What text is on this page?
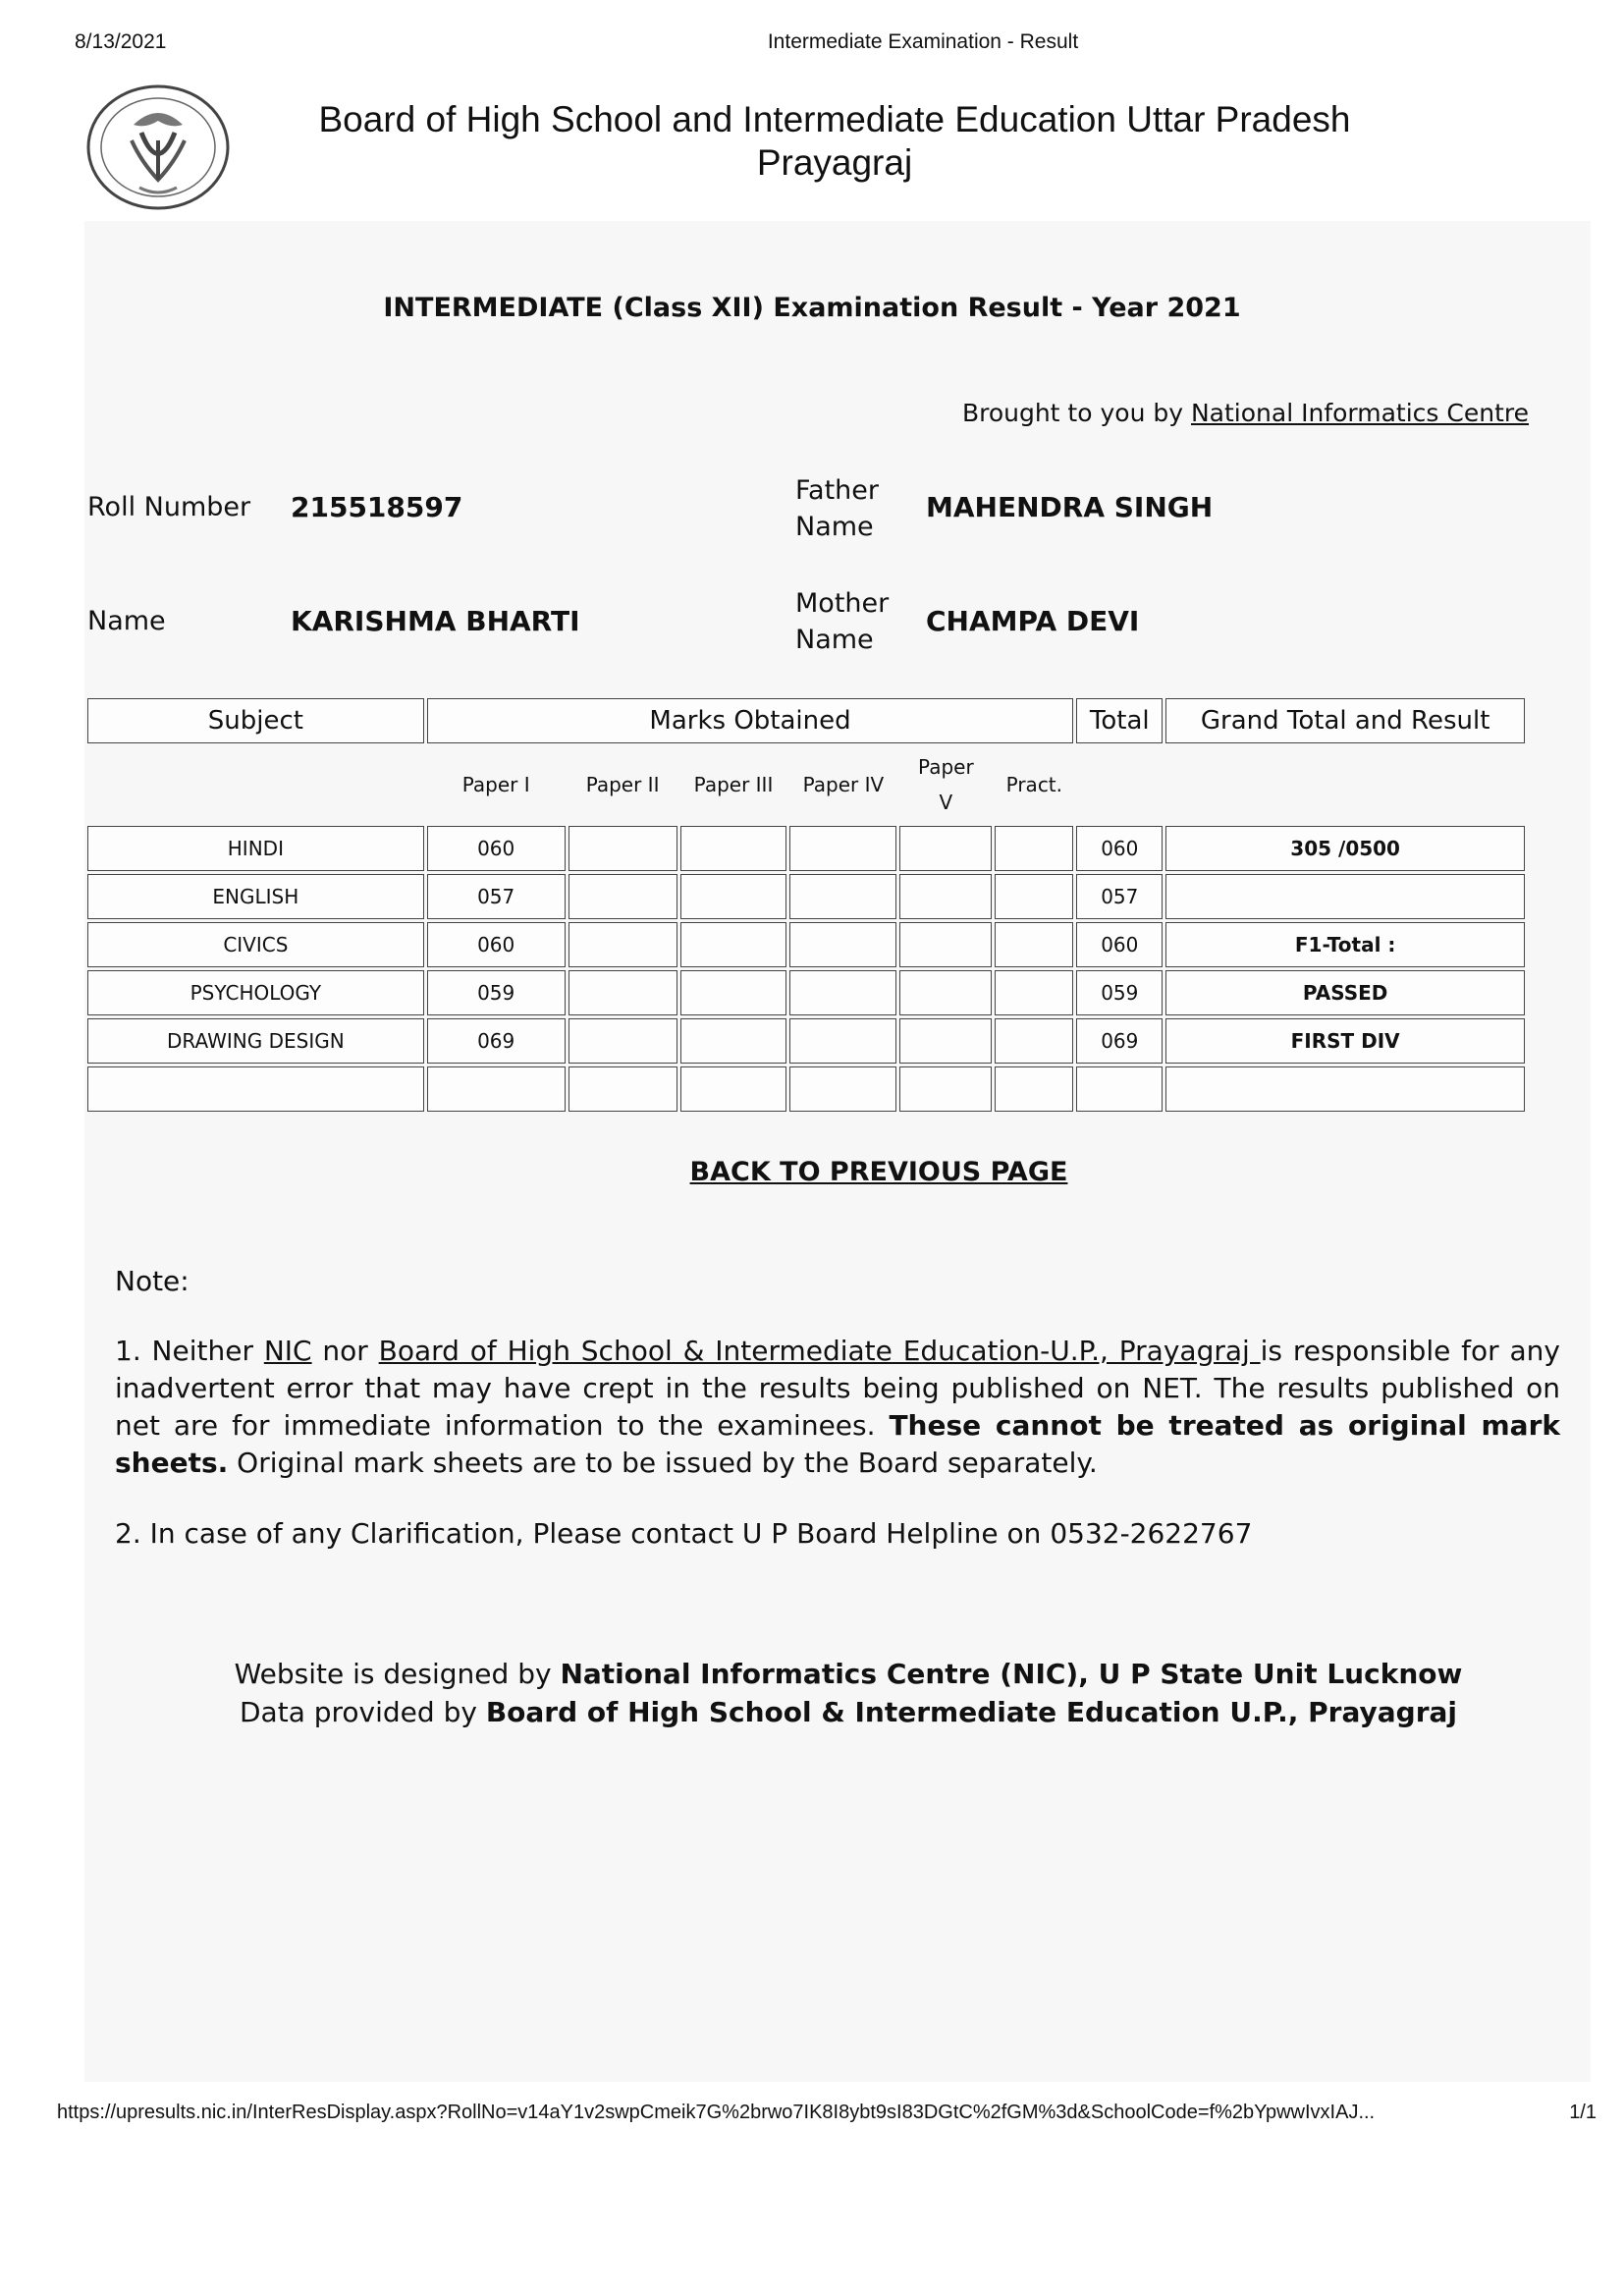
8/13/2021	Intermediate Examination - Result
Board of High School and Intermediate Education Uttar Pradesh
Prayagraj
INTERMEDIATE (Class XII) Examination Result - Year 2021
Brought to you by National Informatics Centre
Roll Number 215518597
Name	KARISHMA BHARTI
Father
Name
MAHENDRA SINGH
Mother
Name
CHAMPA DEVI
Subject	Marks Obtained						Total	Grand Total and Result
	Paper I	Paper II	Paper III	Paper IV	Paper
V	Pract.		
HINDI	060						060	305 /0500
ENGLISH	057						057	
CIVICS	060						060	F1-Total :
PSYCHOLOGY	059						059	PASSED
DRAWING DESIGN	069						069	FIRST DIV

BACK TO PREVIOUS PAGE
Note:
1. Neither NIC nor Board of High School & Intermediate Education-U.P., Prayagraj is responsible for any inadvertent error that may have crept in the results being published on NET. The results published on net are for immediate information to the examinees. These cannot be treated as original mark sheets. Original mark sheets are to be issued by the Board separately.
2. In case of any Clarification, Please contact U P Board Helpline on 0532-2622767
Website is designed by National Informatics Centre (NIC), U P State Unit Lucknow
Data provided by Board of High School & Intermediate Education U.P., Prayagraj
https://upresults.nic.in/InterResDisplay.aspx?RollNo=v14aY1v2swpCmeik7G%2brwo7IK8I8ybt9sI83DGtC%2fGM%3d&SchoolCode=f%2bYpwwIvxIAJ...	1/1
